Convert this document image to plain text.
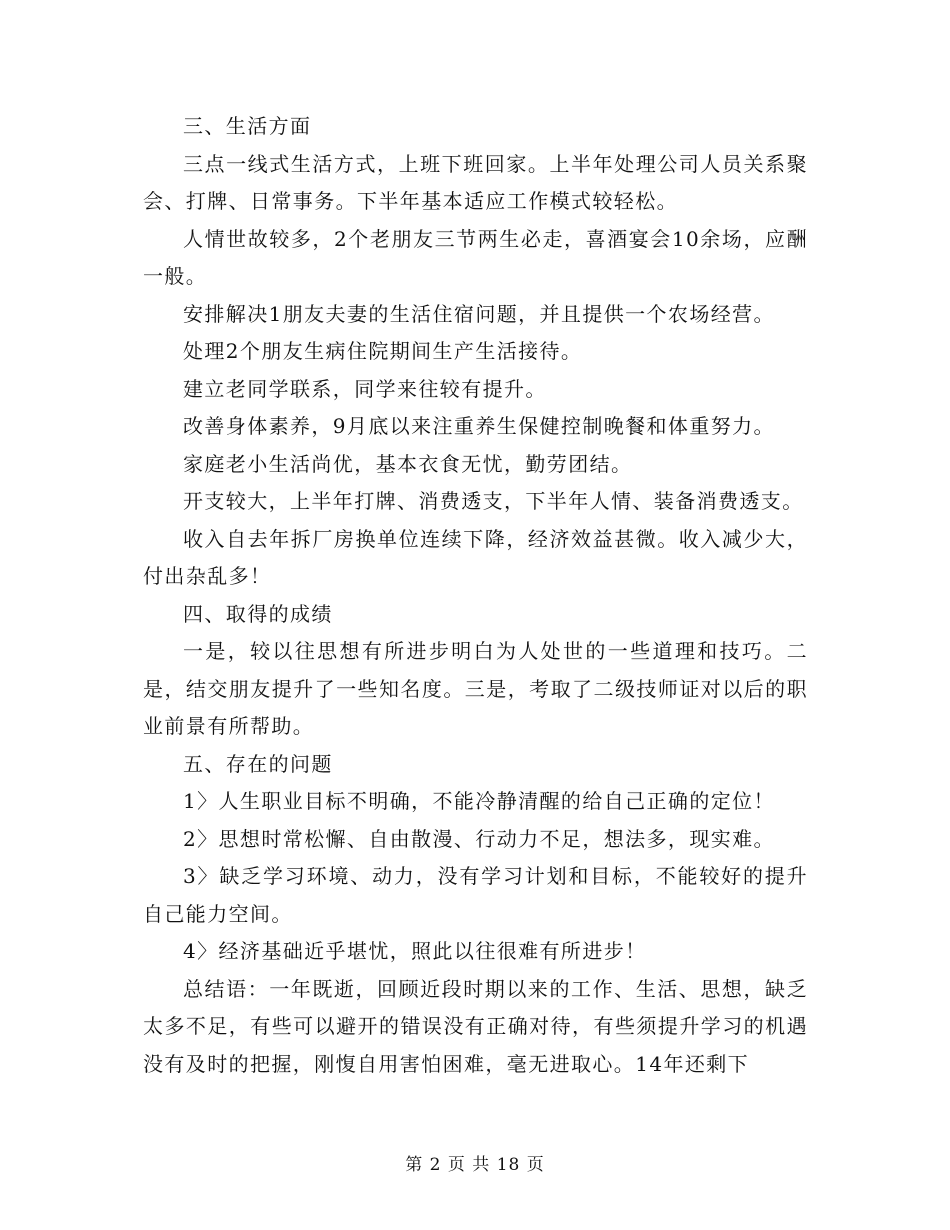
三、生活方面

三点一线式生活方式，上班下班回家。上半年处理公司人员关系聚会、打牌、日常事务。下半年基本适应工作模式较轻松。

人情世故较多，2个老朋友三节两生必走，喜酒宴会10余场，应酬一般。

安排解决1朋友夫妻的生活住宿问题，并且提供一个农场经营。

处理2个朋友生病住院期间生产生活接待。

建立老同学联系，同学来往较有提升。

改善身体素养，9月底以来注重养生保健控制晚餐和体重努力。

家庭老小生活尚优，基本衣食无忧，勤劳团结。

开支较大，上半年打牌、消费透支，下半年人情、装备消费透支。

收入自去年拆厂房换单位连续下降，经济效益甚微。收入减少大，付出杂乱多！

四、取得的成绩

一是，较以往思想有所进步明白为人处世的一些道理和技巧。二是，结交朋友提升了一些知名度。三是，考取了二级技师证对以后的职业前景有所帮助。

五、存在的问题

1〉人生职业目标不明确，不能冷静清醒的给自己正确的定位！

2〉思想时常松懈、自由散漫、行动力不足，想法多，现实难。

3〉缺乏学习环境、动力，没有学习计划和目标，不能较好的提升自己能力空间。

4〉经济基础近乎堪忧，照此以往很难有所进步！

总结语：一年既逝，回顾近段时期以来的工作、生活、思想，缺乏太多不足，有些可以避开的错误没有正确对待，有些须提升学习的机遇没有及时的把握，刚愎自用害怕困难，毫无进取心。14年还剩下

第 2 页 共 18 页
